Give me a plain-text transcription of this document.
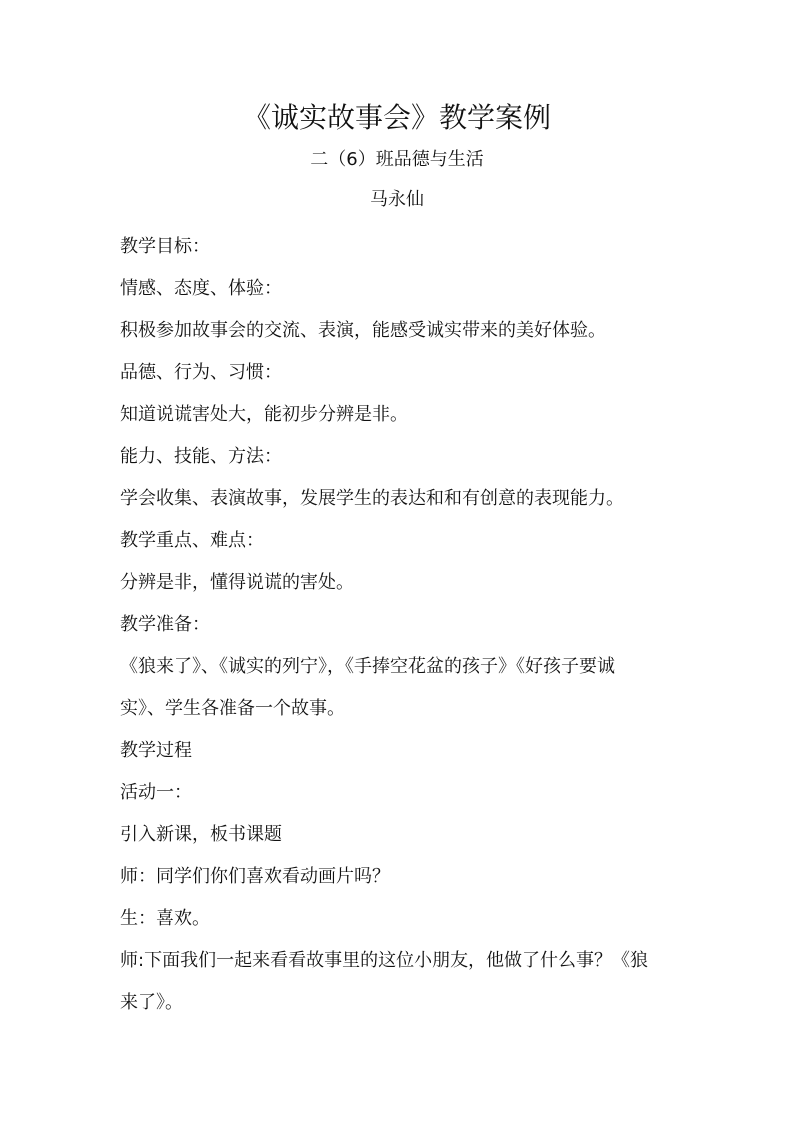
《诚实故事会》教学案例
二（6）班品德与生活
马永仙
教学目标：
情感、态度、体验：
积极参加故事会的交流、表演，能感受诚实带来的美好体验。
品德、行为、习惯：
知道说谎害处大，能初步分辨是非。
能力、技能、方法：
学会收集、表演故事，发展学生的表达和和有创意的表现能力。
教学重点、难点：
分辨是非，懂得说谎的害处。
教学准备：
《狼来了》、《诚实的列宁》，《手捧空花盆的孩子》《好孩子要诚
实》、学生各准备一个故事。
教学过程
活动一：
引入新课，板书课题
师：同学们你们喜欢看动画片吗？
生：喜欢。
师:下面我们一起来看看故事里的这位小朋友，他做了什么事？《狼
来了》。
